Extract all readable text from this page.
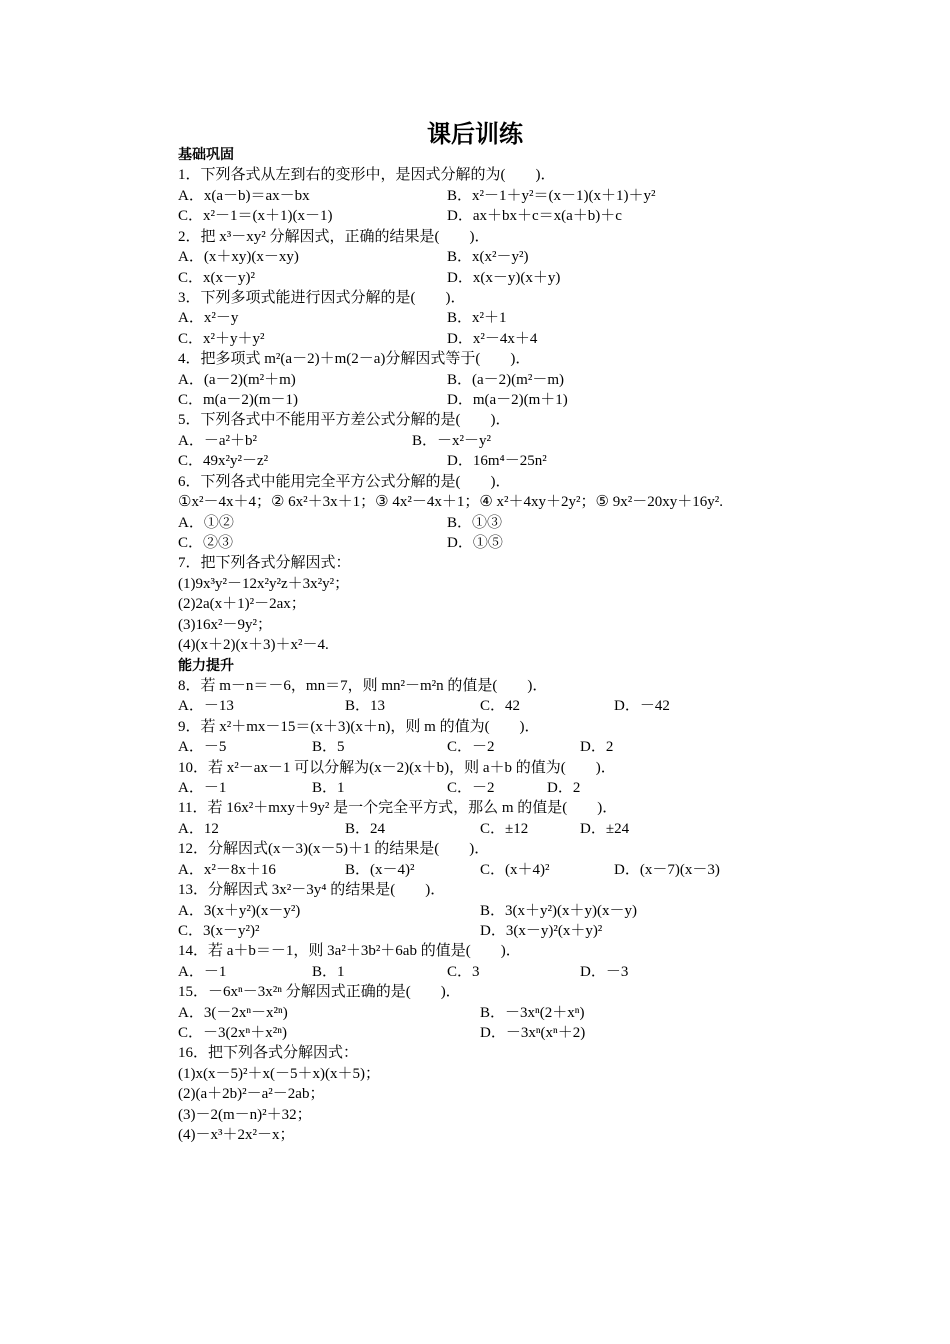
课后训练
基础巩固
1．下列各式从左到右的变形中，是因式分解的为(　　)．
A．x(a－b)＝ax－bx	B．x²－1＋y²＝(x－1)(x＋1)＋y²
C．x²－1＝(x＋1)(x－1)	D．ax＋bx＋c＝x(a＋b)＋c
2．把 x³－xy² 分解因式，正确的结果是(　　)．
A．(x＋xy)(x－xy)	B．x(x²－y²)
C．x(x－y)²	D．x(x－y)(x＋y)
3．下列多项式能进行因式分解的是(　　)．
A．x²－y	B．x²＋1
C．x²＋y＋y²	D．x²－4x＋4
4．把多项式 m²(a－2)＋m(2－a)分解因式等于(　　)．
A．(a－2)(m²＋m)	B．(a－2)(m²－m)
C．m(a－2)(m－1)	D．m(a－2)(m＋1)
5．下列各式中不能用平方差公式分解的是(　　)．
A．－a²＋b²	B．－x²－y²
C．49x²y²－z²	D．16m⁴－25n²
6．下列各式中能用完全平方公式分解的是(　　)．
①x²－4x＋4；② 6x²＋3x＋1；③ 4x²－4x＋1；④ x²＋4xy＋2y²；⑤ 9x²－20xy＋16y².
A．①②	B．①③
C．②③	D．①⑤
7．把下列各式分解因式：
(1)9x³y²－12x²y²z＋3x²y²；
(2)2a(x＋1)²－2ax；
(3)16x²－9y²；
(4)(x＋2)(x＋3)＋x²－4.
能力提升
8．若 m－n＝－6，mn＝7，则 mn²－m²n 的值是(　　)．
A．－13	B．13	C．42	D．－42
9．若 x²＋mx－15＝(x＋3)(x＋n)，则 m 的值为(　　)．
A．－5	B．5	C．－2	D．2
10．若 x²－ax－1 可以分解为(x－2)(x＋b)，则 a＋b 的值为(　　)．
A．－1	B．1	C．－2	D．2
11．若 16x²＋mxy＋9y² 是一个完全平方式，那么 m 的值是(　　)．
A．12	B．24	C．±12	D．±24
12．分解因式(x－3)(x－5)＋1 的结果是(　　)．
A．x²－8x＋16	B．(x－4)²	C．(x＋4)²	D．(x－7)(x－3)
13．分解因式 3x²－3y⁴ 的结果是(　　)．
A．3(x＋y²)(x－y²)	B．3(x＋y²)(x＋y)(x－y)
C．3(x－y²)²	D．3(x－y)²(x＋y)²
14．若 a＋b＝－1，则 3a²＋3b²＋6ab 的值是(　　)．
A．－1	B．1	C．3	D．－3
15．－6xⁿ－3x²ⁿ 分解因式正确的是(　　)．
A．3(－2xⁿ－x²ⁿ)	B．－3xⁿ(2＋xⁿ)
C．－3(2xⁿ＋x²ⁿ)	D．－3xⁿ(xⁿ＋2)
16．把下列各式分解因式：
(1)x(x－5)²＋x(－5＋x)(x＋5)；
(2)(a＋2b)²－a²－2ab；
(3)－2(m－n)²＋32；
(4)－x³＋2x²－x；
